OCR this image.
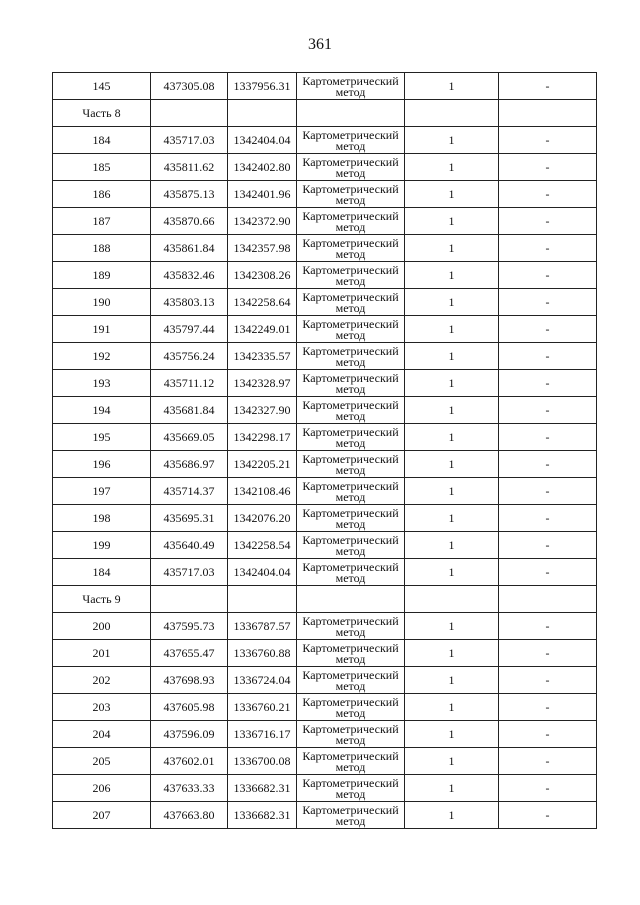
361
145	437305.08	1337956.31	Картометрический метод	1	-
Часть 8					
184	435717.03	1342404.04	Картометрический метод	1	-
185	435811.62	1342402.80	Картометрический метод	1	-
186	435875.13	1342401.96	Картометрический метод	1	-
187	435870.66	1342372.90	Картометрический метод	1	-
188	435861.84	1342357.98	Картометрический метод	1	-
189	435832.46	1342308.26	Картометрический метод	1	-
190	435803.13	1342258.64	Картометрический метод	1	-
191	435797.44	1342249.01	Картометрический метод	1	-
192	435756.24	1342335.57	Картометрический метод	1	-
193	435711.12	1342328.97	Картометрический метод	1	-
194	435681.84	1342327.90	Картометрический метод	1	-
195	435669.05	1342298.17	Картометрический метод	1	-
196	435686.97	1342205.21	Картометрический метод	1	-
197	435714.37	1342108.46	Картометрический метод	1	-
198	435695.31	1342076.20	Картометрический метод	1	-
199	435640.49	1342258.54	Картометрический метод	1	-
184	435717.03	1342404.04	Картометрический метод	1	-
Часть 9					
200	437595.73	1336787.57	Картометрический метод	1	-
201	437655.47	1336760.88	Картометрический метод	1	-
202	437698.93	1336724.04	Картометрический метод	1	-
203	437605.98	1336760.21	Картометрический метод	1	-
204	437596.09	1336716.17	Картометрический метод	1	-
205	437602.01	1336700.08	Картометрический метод	1	-
206	437633.33	1336682.31	Картометрический метод	1	-
207	437663.80	1336682.31	Картометрический метод	1	-
